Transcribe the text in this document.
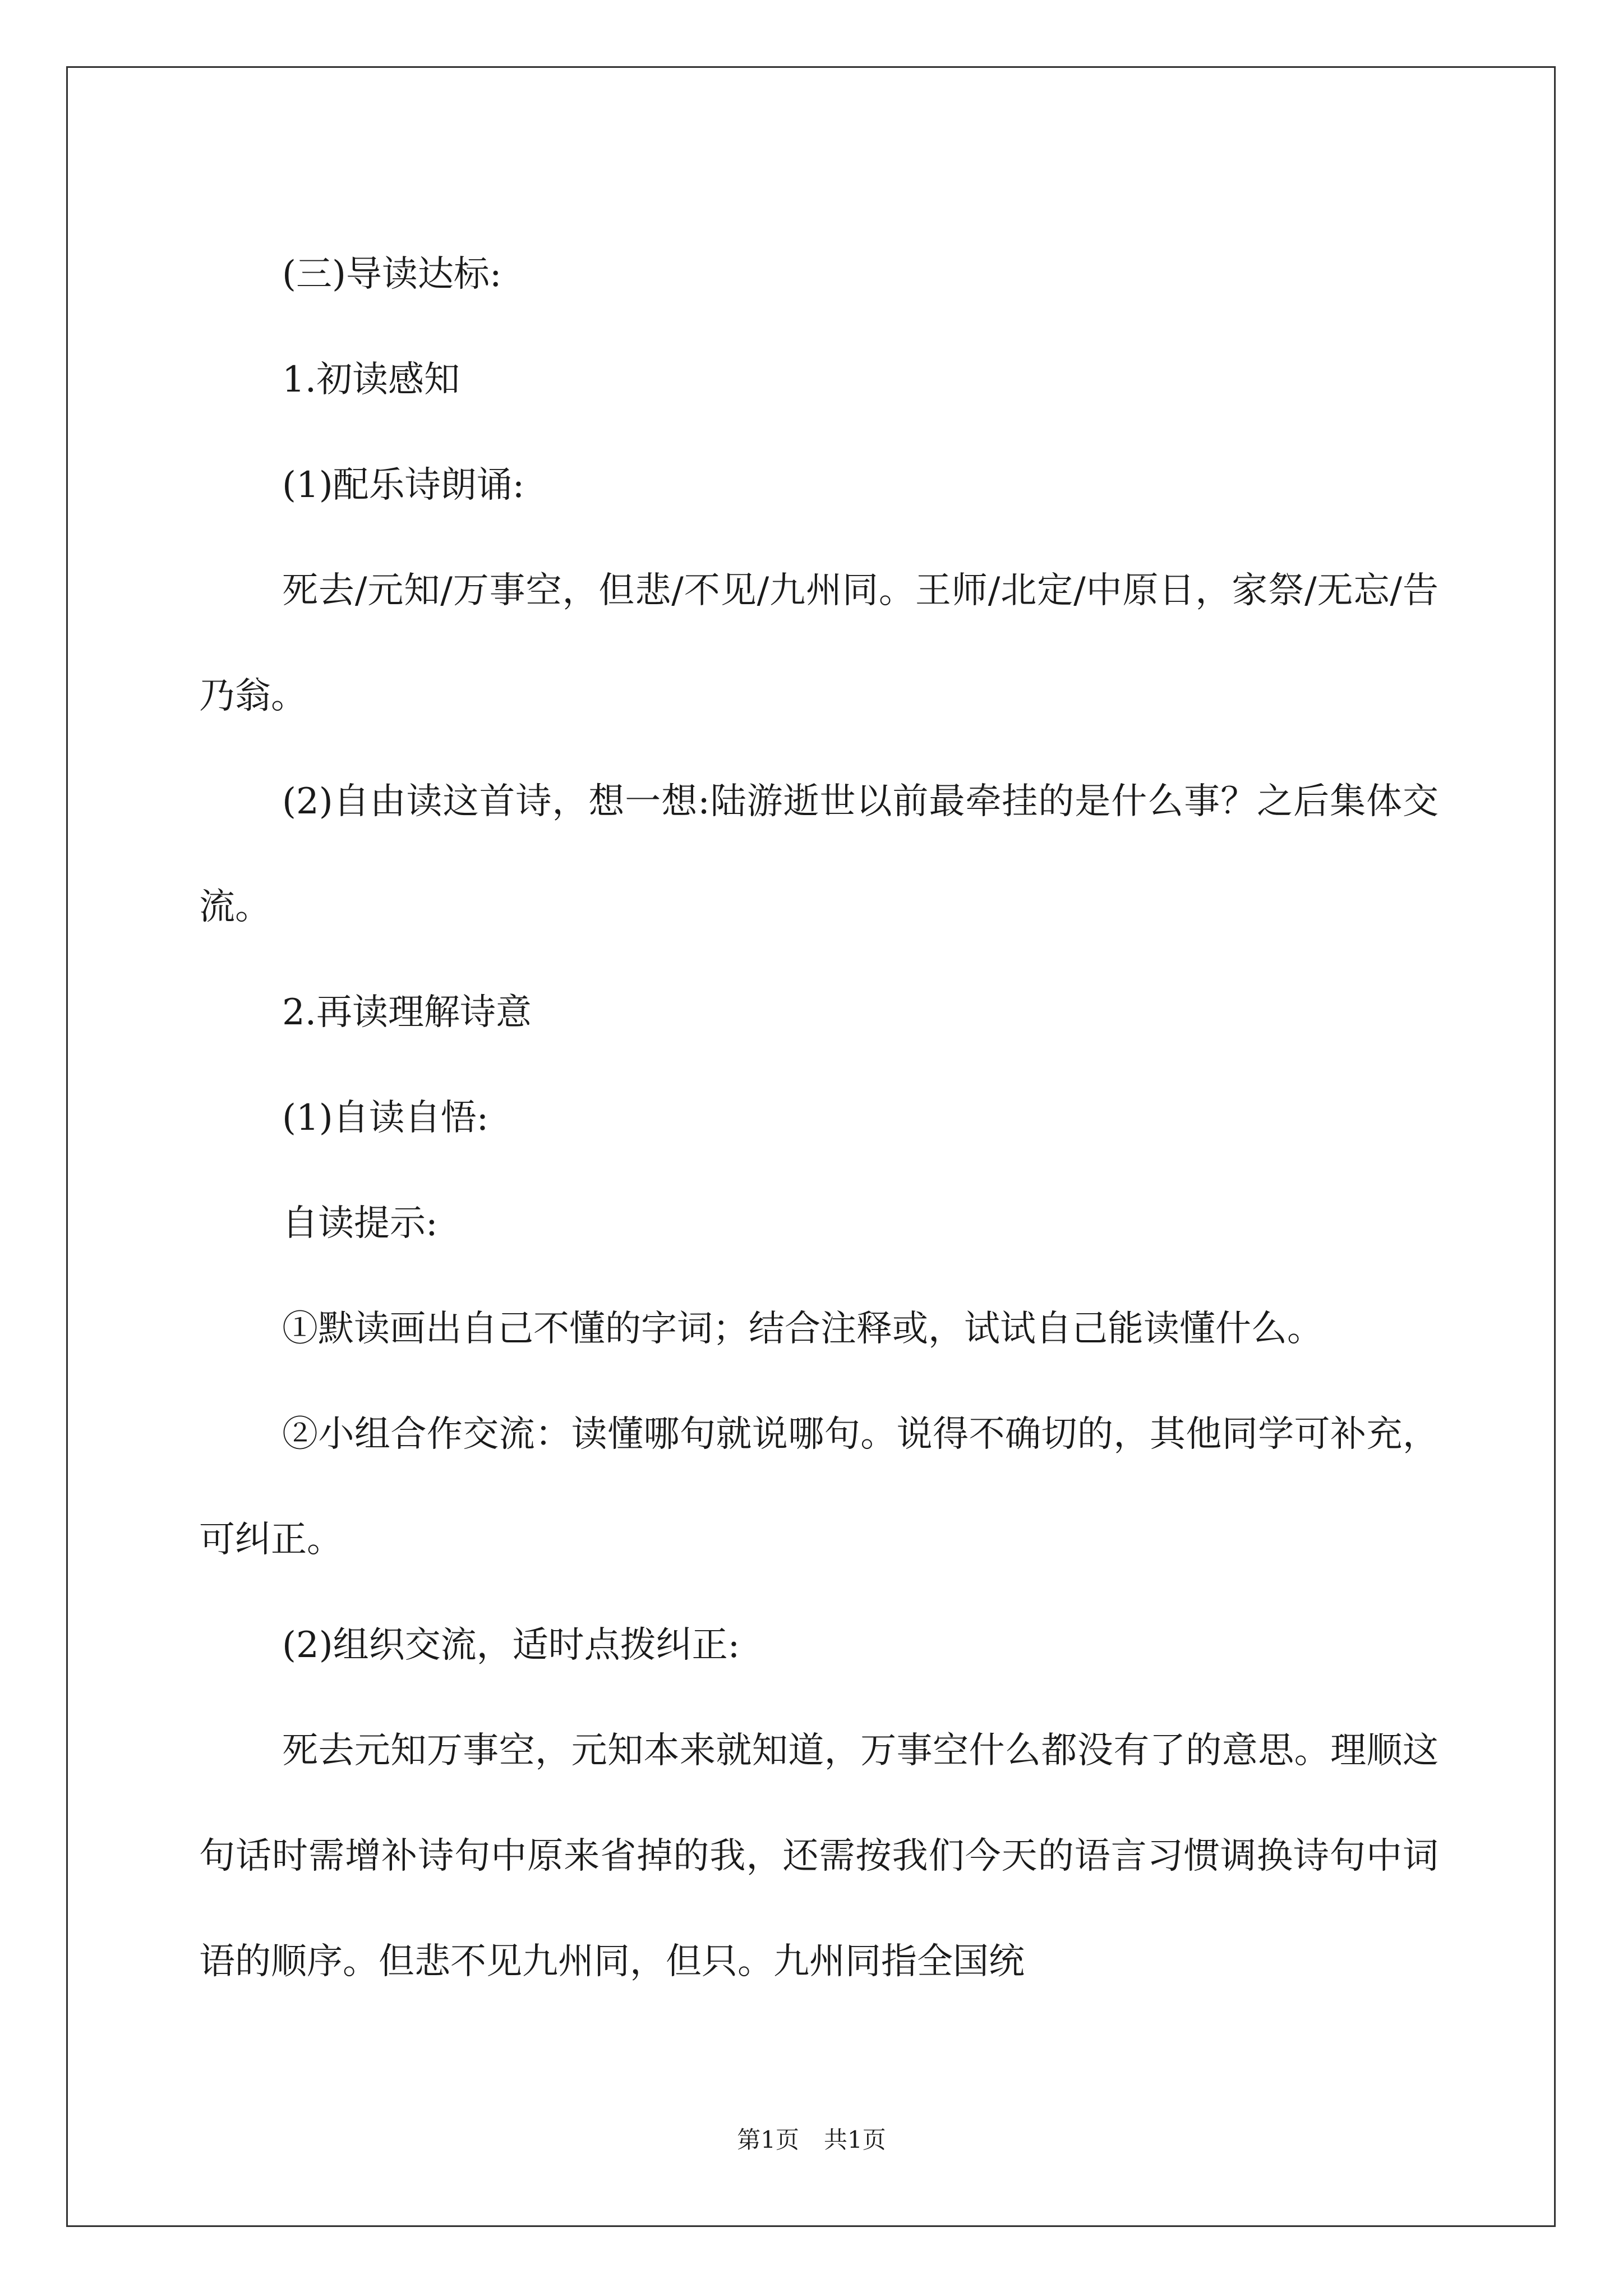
(三)导读达标:

1.初读感知

(1)配乐诗朗诵:

死去/元知/万事空，但悲/不见/九州同。王师/北定/中原日，家祭/无忘/告乃翁。

(2)自由读这首诗，想一想:陆游逝世以前最牵挂的是什么事？之后集体交流。

2.再读理解诗意

(1)自读自悟:

自读提示:

①默读画出自己不懂的字词；结合注释或，试试自己能读懂什么。

②小组合作交流：读懂哪句就说哪句。说得不确切的，其他同学可补充，可纠正。

(2)组织交流，适时点拨纠正:

死去元知万事空，元知本来就知道，万事空什么都没有了的意思。理顺这句话时需增补诗句中原来省掉的我，还需按我们今天的语言习惯调换诗句中词语的顺序。但悲不见九州同，但只。九州同指全国统

第1页 共1页
